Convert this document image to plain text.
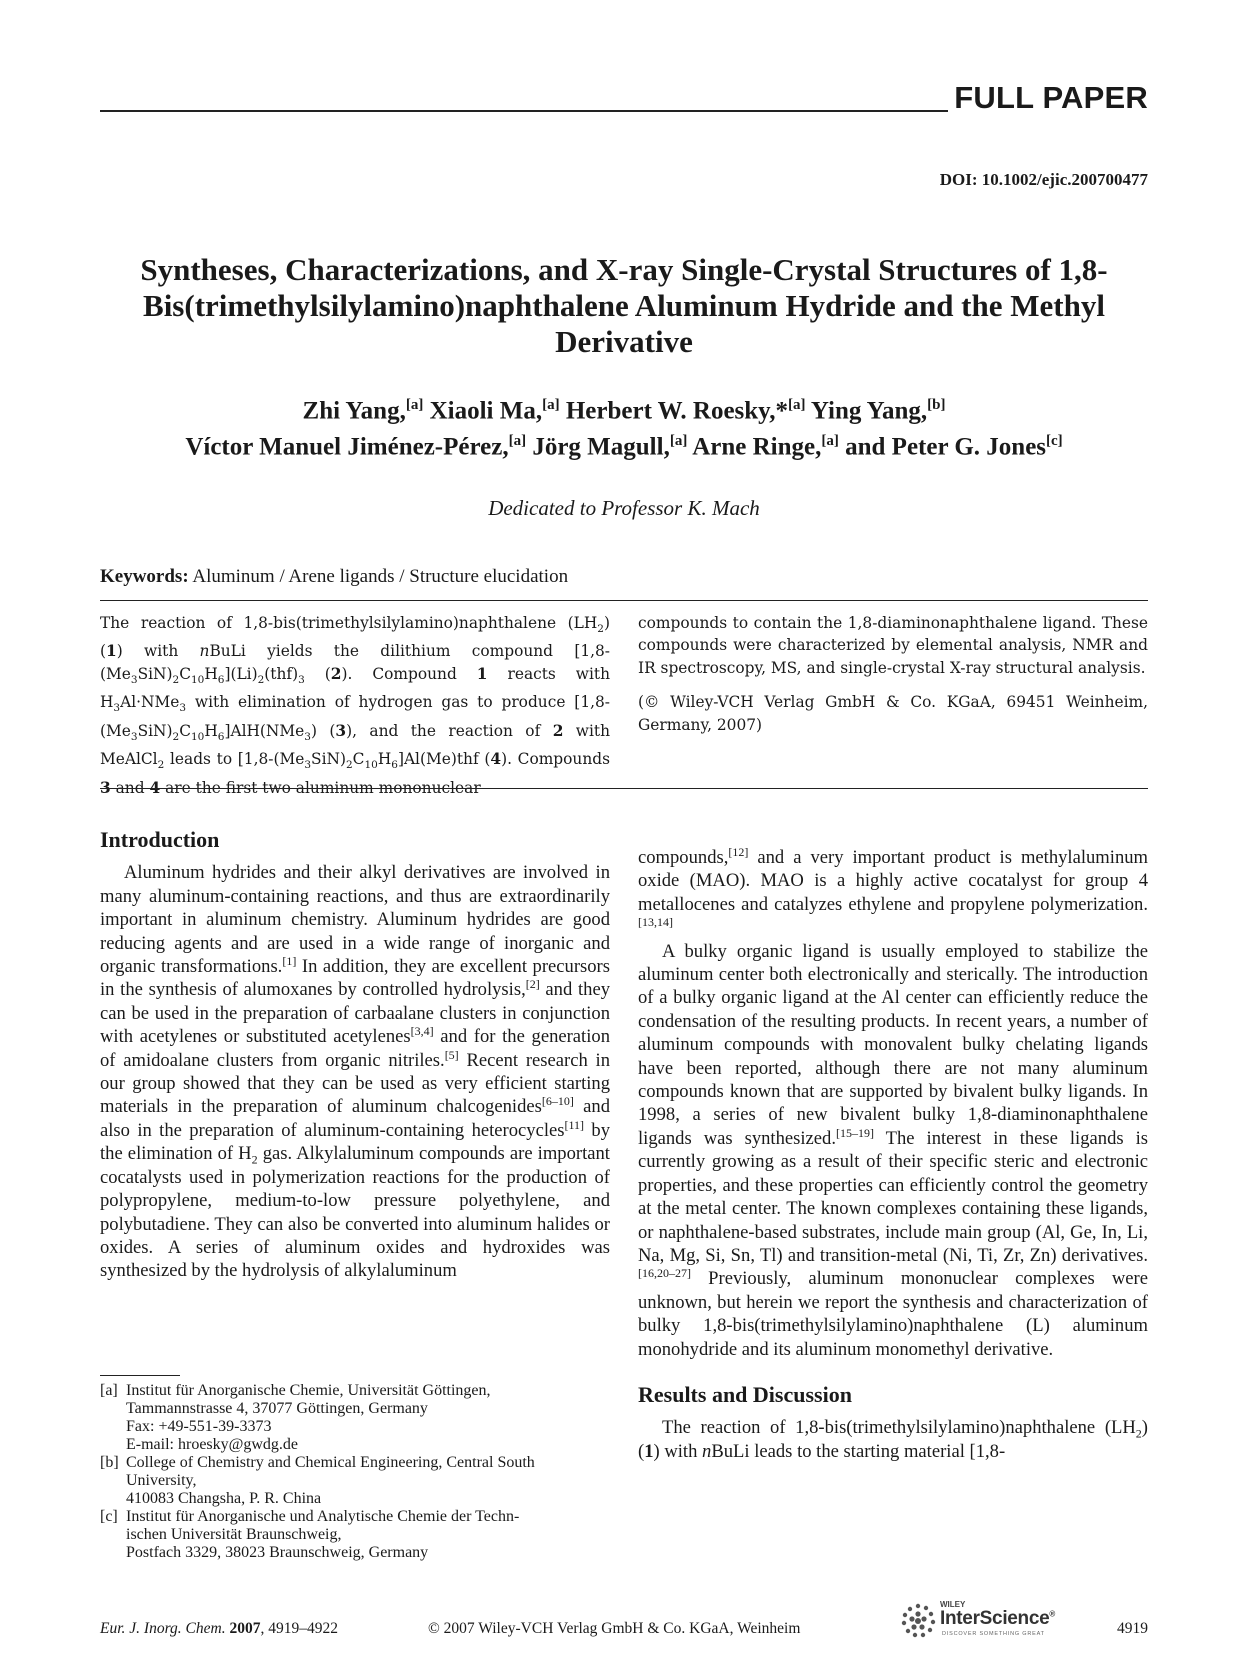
FULL PAPER
DOI: 10.1002/ejic.200700477
Syntheses, Characterizations, and X-ray Single-Crystal Structures of 1,8-
Bis(trimethylsilylamino)naphthalene Aluminum Hydride and the Methyl
Derivative
Zhi Yang,[a] Xiaoli Ma,[a] Herbert W. Roesky,*[a] Ying Yang,[b]
Víctor Manuel Jiménez-Pérez,[a] Jörg Magull,[a] Arne Ringe,[a] and Peter G. Jones[c]
Dedicated to Professor K. Mach
Keywords: Aluminum / Arene ligands / Structure elucidation
The reaction of 1,8-bis(trimethylsilylamino)naphthalene $(LH_2)$ (1) with nBuLi yields the dilithium compound $[1,8-(Me_3SiN)_2C_{10}H_6](Li)_2(thf)_3$ (2). Compound 1 reacts with $H_3Al\cdot NMe_3$ with elimination of hydrogen gas to produce $[1,8-(Me_3SiN)_2C_{10}H_6]AlH(NMe_3)$ (3), and the reaction of 2 with MeAlCl$_2$ leads to $[1,8-(Me_3SiN)_2C_{10}H_6]Al(Me)thf$ (4). Compounds 3 and 4 are the first two aluminum mononuclear

compounds to contain the 1,8-diaminonaphthalene ligand. These compounds were characterized by elemental analysis, NMR and IR spectroscopy, MS, and single-crystal X-ray structural analysis.

(© Wiley-VCH Verlag GmbH & Co. KGaA, 69451 Weinheim, Germany, 2007)

Introduction

Aluminum hydrides and their alkyl derivatives are involved in many aluminum-containing reactions, and thus are extraordinarily important in aluminum chemistry. Aluminum hydrides are good reducing agents and are used in a wide range of inorganic and organic transformations.[1] In addition, they are excellent precursors in the synthesis of alumoxanes by controlled hydrolysis,[2] and they can be used in the preparation of carbaalane clusters in conjunction with acetylenes or substituted acetylenes[3,4] and for the generation of amidoalane clusters from organic nitriles.[5] Recent research in our group showed that they can be used as very efficient starting materials in the preparation of aluminum chalcogenides[6–10] and also in the preparation of aluminum-containing heterocycles[11] by the elimination of $H_2$ gas. Alkylaluminum compounds are important cocatalysts used in polymerization reactions for the production of polypropylene, medium-to-low pressure polyethylene, and polybutadiene. They can also be converted into aluminum halides or oxides. A series of aluminum oxides and hydroxides was synthesized by the hydrolysis of alkylaluminum

[a] Institut für Anorganische Chemie, Universität Göttingen,
Tammannstrasse 4, 37077 Göttingen, Germany
Fax: +49-551-39-3373
E-mail: hroesky@gwdg.de
[b] College of Chemistry and Chemical Engineering, Central South
University,
410083 Changsha, P. R. China
[c] Institut für Anorganische und Analytische Chemie der Techn-
ischen Universität Braunschweig,
Postfach 3329, 38023 Braunschweig, Germany

compounds,[12] and a very important product is methylaluminum oxide (MAO). MAO is a highly active cocatalyst for group 4 metallocenes and catalyzes ethylene and propylene polymerization.[13,14]

A bulky organic ligand is usually employed to stabilize the aluminum center both electronically and sterically. The introduction of a bulky organic ligand at the Al center can efficiently reduce the condensation of the resulting products. In recent years, a number of aluminum compounds with monovalent bulky chelating ligands have been reported, although there are not many aluminum compounds known that are supported by bivalent bulky ligands. In 1998, a series of new bivalent bulky 1,8-diaminonaphthalene ligands was synthesized.[15–19] The interest in these ligands is currently growing as a result of their specific steric and electronic properties, and these properties can efficiently control the geometry at the metal center. The known complexes containing these ligands, or naphthalene-based substrates, include main group (Al, Ge, In, Li, Na, Mg, Si, Sn, Tl) and transition-metal (Ni, Ti, Zr, Zn) derivatives.[16,20–27] Previously, aluminum mononuclear complexes were unknown, but herein we report the synthesis and characterization of bulky 1,8-bis(trimethylsilylamino)naphthalene (L) aluminum monohydride and its aluminum monomethyl derivative.

Results and Discussion

The reaction of 1,8-bis(trimethylsilylamino)naphthalene $(LH_2)$ (1) with nBuLi leads to the starting material [1,8-

Eur. J. Inorg. Chem. 2007, 4919–4922	© 2007 Wiley-VCH Verlag GmbH & Co. KGaA, Weinheim
WILEY
InterScience®
DISCOVER SOMETHING GREAT	4919
